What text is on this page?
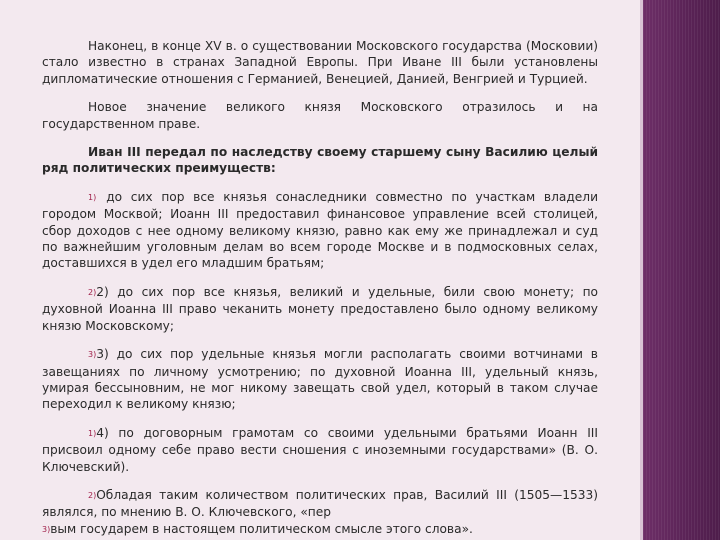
Наконец, в конце XV в. о существовании Московского государства (Московии) стало известно в странах Западной Европы. При Иване III были установлены дипломатические отношения с Германией, Венецией, Данией, Венгрией и Турцией.

Новое значение великого князя Московского отразилось и на государственном праве.

Иван III передал по наследству своему старшему сыну Василию целый ряд политических преимуществ:

1) до сих пор все князья сонаследники совместно по участкам владели городом Москвой; Иоанн III предоставил финансовое управление всей столицей, сбор доходов с нее одному великому князю, равно как ему же принадлежал и суд по важнейшим уголовным делам во всем городе Москве и в подмосковных селах, доставшихся в удел его младшим братьям;

2)2) до сих пор все князья, великий и удельные, били свою монету; по духовной Иоанна III право чеканить монету предоставлено было одному великому князю Московскому;

3)3) до сих пор удельные князья могли располагать своими вотчинами в завещаниях по личному усмотрению; по духовной Иоанна III, удельный князь, умирая бессыновним, не мог никому завещать свой удел, который в таком случае переходил к великому князю;

1)4) по договорным грамотам со своими удельными братьями Иоанн III присвоил одному себе право вести сношения с иноземными государствами» (В. О. Ключевский).

2)Обладая таким количеством политических прав, Василий III (1505—1533) являлся, по мнению В. О. Ключевского, «пер
3)вым государем в настоящем политическом смысле этого слова».
